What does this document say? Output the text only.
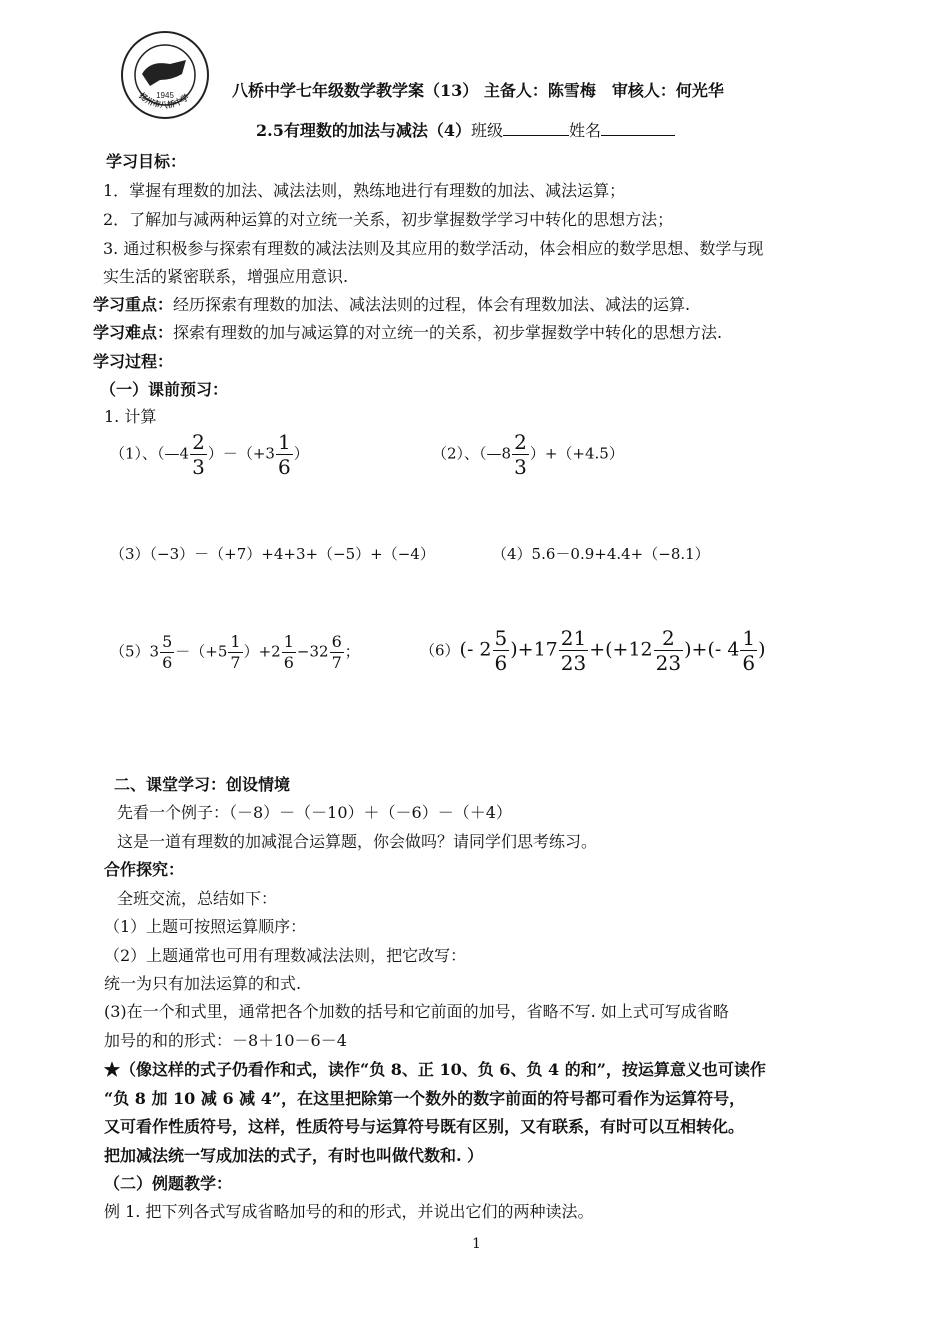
1945
扬州市八桥中学	八桥中学七年级数学教学案（13） 主备人：陈雪梅　审核人：何光华
2.5有理数的加法与减法（4）班级	姓名
学习目标：
1．掌握有理数的加法、减法法则，熟练地进行有理数的加法、减法运算；
2．了解加与减两种运算的对立统一关系，初步掌握数学学习中转化的思想方法；
3. 通过积极参与探索有理数的减法法则及其应用的数学活动，体会相应的数学思想、数学与现
实生活的紧密联系，增强应用意识.
学习重点：经历探索有理数的加法、减法法则的过程，体会有理数加法、减法的运算.
学习难点：探索有理数的加与减运算的对立统一的关系，初步掌握数学中转化的思想方法.
学习过程：
（一）课前预习：
1. 计算
（1）、（—4 $\frac{2}{3} )-(+3 \frac{1}{6}$ ）	（2）、（—8 $\frac{2}{3} )+(+4.5)$
（3）（−3）－（+7）+4+3+（−5）+（−4）	（4）5.6－0.9+4.4+（−8.1）
$(5)3 \frac{5}{6} -(+5 \frac{1}{7} )+2 \frac{1}{6} -32 \frac{6}{7}$ ；	（6）(- $2 \frac{5}{6} )+17 \frac{21}{23} +(+12 \frac{2}{23}$ )+(- $4 \frac{1}{6}$ )
二、课堂学习：创设情境
先看一个例子：（－8）－（－10）＋（－6）－（＋4）
这是一道有理数的加减混合运算题，你会做吗？请同学们思考练习。
合作探究：
全班交流，总结如下：
（1）上题可按照运算顺序：
（2）上题通常也可用有理数减法法则，把它改写：
统一为只有加法运算的和式.
(3)在一个和式里，通常把各个加数的括号和它前面的加号，省略不写. 如上式可写成省略
加号的和的形式：－8＋10－6－4
★（像这样的式子仍看作和式，读作“负 8、正 10、负 6、负 4 的和”，按运算意义也可读作
“负 8 加 10 减 6 减 4”，在这里把除第一个数外的数字前面的符号都可看作为运算符号，
又可看作性质符号，这样，性质符号与运算符号既有区别，又有联系，有时可以互相转化。
把加减法统一写成加法的式子，有时也叫做代数和. ）
（二）例题教学：
例 1. 把下列各式写成省略加号的和的形式，并说出它们的两种读法。
1
